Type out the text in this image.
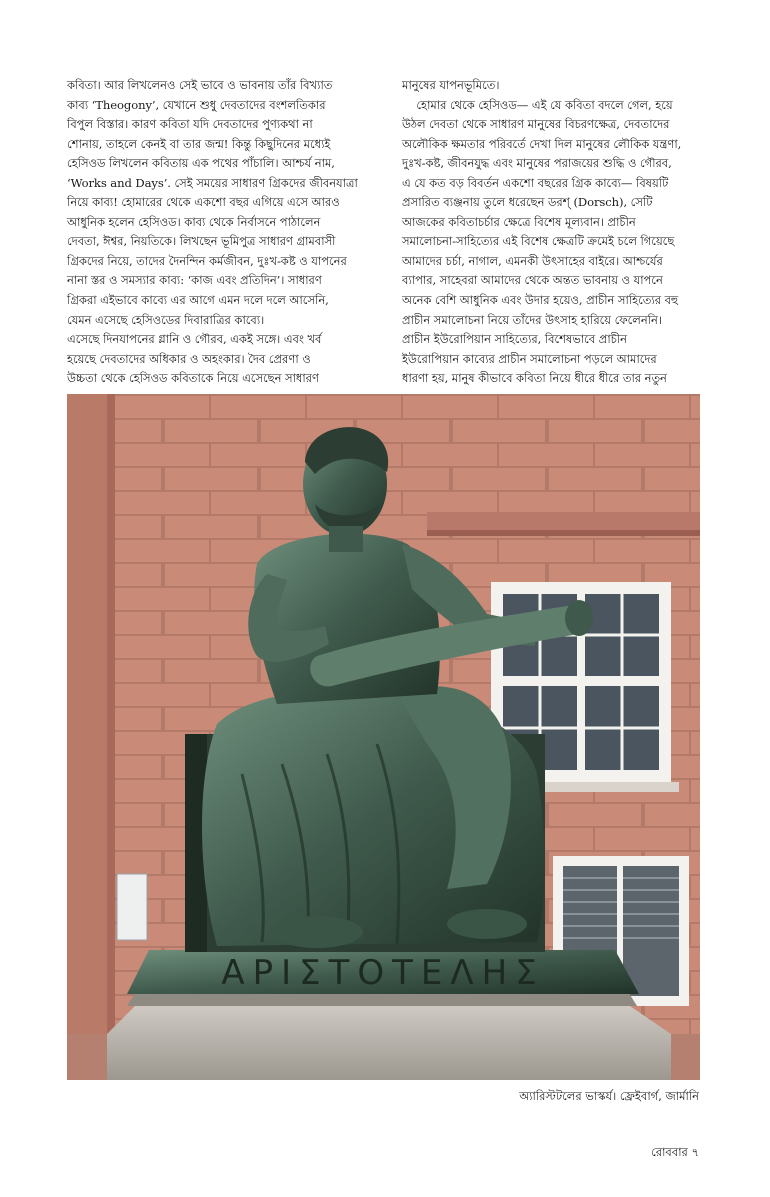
কবিতা। আর লিখলেনও সেই ভাবে ও ভাবনায় তাঁর বিখ্যাত
কাব্য ‘Theogony’, যেখানে শুধু দেবতাদের বংশলতিকার
বিপুল বিস্তার। কারণ কবিতা যদি দেবতাদের পুণ্যকথা না
শোনায়, তাহলে কেনই বা তার জন্ম! কিন্তু কিছুদিনের মধ্যেই
হেসিওড লিখলেন কবিতায় এক পথের পাঁচালি। আশ্চর্য নাম,
‘Works and Days’. সেই সময়ের সাধারণ গ্রিকদের জীবনযাত্রা
নিয়ে কাব্য! হোমারের থেকে একশো বছর এগিয়ে এসে আরও
আধুনিক হলেন হেসিওড। কাব্য থেকে নির্বাসনে পাঠালেন
দেবতা, ঈশ্বর, নিয়তিকে। লিখছেন ভূমিপুত্র সাধারণ গ্রামবাসী
গ্রিকদের নিয়ে, তাদের দৈনন্দিন কর্মজীবন, দুঃখ-কষ্ট ও যাপনের
নানা স্তর ও সমস্যার কাব্য: ‘কাজ এবং প্রতিদিন’। সাধারণ
গ্রিকরা এইভাবে কাব্যে এর আগে এমন দলে দলে আসেনি,
যেমন এসেছে হেসিওডের দিবারাত্রির কাব্যে।
এসেছে দিনযাপনের গ্লানি ও গৌরব, একই সঙ্গে। এবং খর্ব
হয়েছে দেবতাদের অধিকার ও অহংকার। দৈব প্রেরণা ও
উচ্চতা থেকে হেসিওড কবিতাকে নিয়ে এসেছেন সাধারণ
মানুষের যাপনভূমিতে।
হোমার থেকে হেসিওড— এই যে কবিতা বদলে গেল, হয়ে
উঠল দেবতা থেকে সাধারণ মানুষের বিচরণক্ষেত্র, দেবতাদের
অলৌকিক ক্ষমতার পরিবর্তে দেখা দিল মানুষের লৌকিক যন্ত্রণা,
দুঃখ-কষ্ট, জীবনযুদ্ধ এবং মানুষের পরাজয়ের শুদ্ধি ও গৌরব,
এ যে কত বড় বিবর্তন একশো বছরের গ্রিক কাব্যে— বিষয়টি
প্রসারিত ব্যঞ্জনায় তুলে ধরেছেন ডরশ্‌ (Dorsch), সেটি
আজকের কবিতাচর্চার ক্ষেত্রে বিশেষ মূল্যবান। প্রাচীন
সমালোচনা-সাহিত্যের এই বিশেষ ক্ষেত্রটি ক্রমেই চলে গিয়েছে
আমাদের চর্চা, নাগাল, এমনকী উৎসাহের বাইরে। আশ্চর্যের
ব্যাপার, সাহেবরা আমাদের থেকে অন্তত ভাবনায় ও যাপনে
অনেক বেশি আধুনিক এবং উদার হয়েও, প্রাচীন সাহিত্যের বহু
প্রাচীন সমালোচনা নিয়ে তাঁদের উৎসাহ হারিয়ে ফেলেননি।
প্রাচীন ইউরোপিয়ান সাহিত্যের, বিশেষভাবে প্রাচীন
ইউরোপিয়ান কাব্যের প্রাচীন সমালোচনা পড়লে আমাদের
ধারণা হয়, মানুষ কীভাবে কবিতা নিয়ে ধীরে ধীরে তার নতুন
ΑΡΙΣΤΟΤΕΛΗΣ
অ্যারিস্টটলের ভাস্কর্য। ফ্রেইবার্গ, জার্মানি
রোববার ৭
